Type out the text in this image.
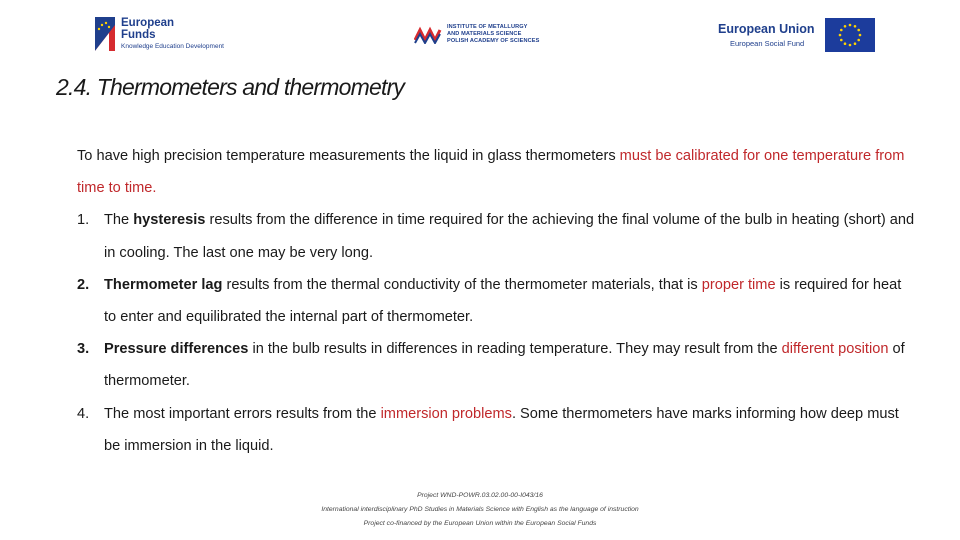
European Funds
Knowledge Education Development
INSTITUTE OF METALLURGY
AND MATERIALS SCIENCE
POLISH ACADEMY OF SCIENCES
European Union
European Social Fund
2.4. Thermometers and thermometry

To have high precision temperature measurements the liquid in glass thermometers must be calibrated for one temperature from time to time.

1. The hysteresis results from the difference in time required for the achieving the final volume of the bulb in heating (short) and in cooling. The last one may be very long.
2. Thermometer lag results from the thermal conductivity of the thermometer materials, that is proper time is required for heat to enter and equilibrated the internal part of thermometer.
3. Pressure differences in the bulb results in differences in reading temperature. They may result from the different position of thermometer.
4. The most important errors results from the immersion problems. Some thermometers have marks informing how deep must be immersion in the liquid.
Project WND-POWR.03.02.00-00-I043/16
International interdisciplinary PhD Studies in Materials Science with English as the language of instruction
Project co-financed by the European Union within the European Social Funds
